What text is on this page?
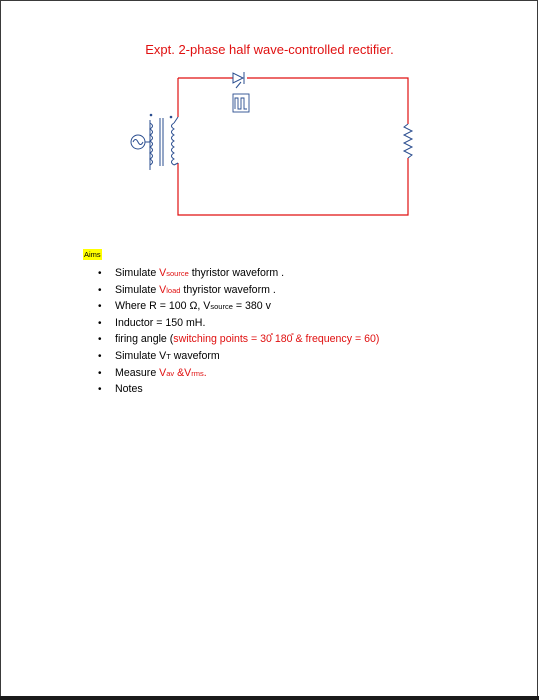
Expt. 2-phase half wave-controlled rectifier.
Aims
• Simulate Vsource thyristor waveform .
• Simulate Vload thyristor waveform .
• Where R = 100 Ω, Vsource = 380 v
• Inductor = 150 mH.
• firing angle (switching points = 30̊ 180̊ & frequency = 60)
• Simulate VT waveform
• Measure Vav &Vrms.
• Notes
